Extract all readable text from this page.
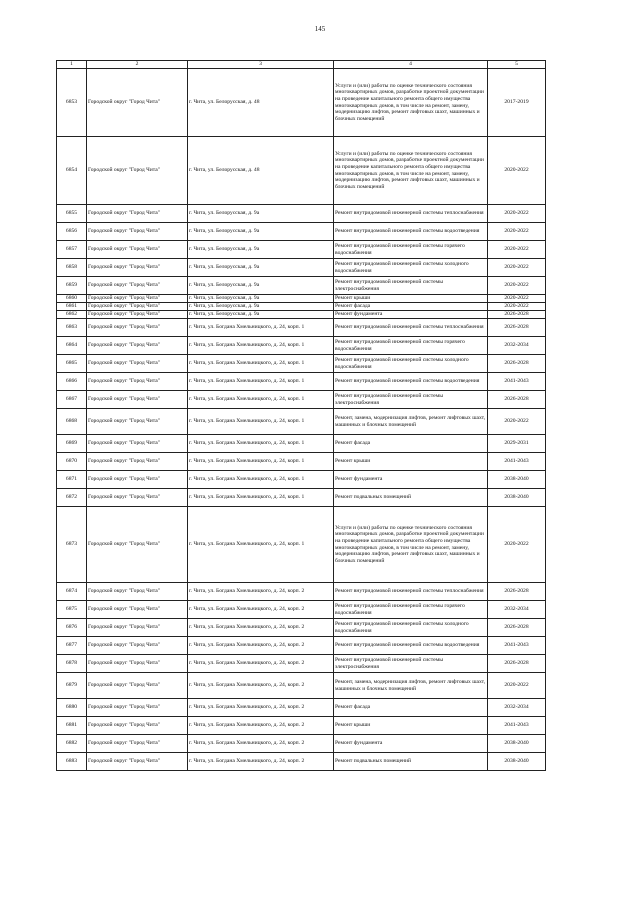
145
1	2	3	4	5
6853	Городской округ "Город Чита"	г. Чита, ул. Белорусская, д. 48	Услуги и (или) работы по оценке технического состояния многоквартирных домов, разработке проектной документации на проведение капитального ремонта общего имущества многоквартирных домов, в том числе на ремонт, замену, модернизацию лифтов, ремонт лифтовых шахт, машинных и блочных помещений	2017-2019
6854	Городской округ "Город Чита"	г. Чита, ул. Белорусская, д. 48	Услуги и (или) работы по оценке технического состояния многоквартирных домов, разработке проектной документации на проведение капитального ремонта общего имущества многоквартирных домов, в том числе на ремонт, замену, модернизацию лифтов, ремонт лифтовых шахт, машинных и блочных помещений	2020-2022
6855	Городской округ "Город Чита"	г. Чита, ул. Белорусская, д. 9а	Ремонт внутридомовой инженерной системы теплоснабжения	2020-2022
6856	Городской округ "Город Чита"	г. Чита, ул. Белорусская, д. 9а	Ремонт внутридомовой инженерной системы водоотведения	2020-2022
6857	Городской округ "Город Чита"	г. Чита, ул. Белорусская, д. 9а	Ремонт внутридомовой инженерной системы горячего водоснабжения	2020-2022
6858	Городской округ "Город Чита"	г. Чита, ул. Белорусская, д. 9а	Ремонт внутридомовой инженерной системы холодного водоснабжения	2020-2022
6859	Городской округ "Город Чита"	г. Чита, ул. Белорусская, д. 9а	Ремонт внутридомовой инженерной системы электроснабжения	2020-2022
6860	Городской округ "Город Чита"	г. Чита, ул. Белорусская, д. 9а	Ремонт крыши	2020-2022
6861	Городской округ "Город Чита"	г. Чита, ул. Белорусская, д. 9а	Ремонт фасада	2020-2022
6862	Городской округ "Город Чита"	г. Чита, ул. Белорусская, д. 9а	Ремонт фундамента	2026-2028
6863	Городской округ "Город Чита"	г. Чита, ул. Богдана Хмельницкого, д. 24, корп. 1	Ремонт внутридомовой инженерной системы теплоснабжения	2026-2028
6864	Городской округ "Город Чита"	г. Чита, ул. Богдана Хмельницкого, д. 24, корп. 1	Ремонт внутридомовой инженерной системы горячего водоснабжения	2032-2034
6865	Городской округ "Город Чита"	г. Чита, ул. Богдана Хмельницкого, д. 24, корп. 1	Ремонт внутридомовой инженерной системы холодного водоснабжения	2026-2028
6866	Городской округ "Город Чита"	г. Чита, ул. Богдана Хмельницкого, д. 24, корп. 1	Ремонт внутридомовой инженерной системы водоотведения	2041-2043
6867	Городской округ "Город Чита"	г. Чита, ул. Богдана Хмельницкого, д. 24, корп. 1	Ремонт внутридомовой инженерной системы электроснабжения	2026-2028
6868	Городской округ "Город Чита"	г. Чита, ул. Богдана Хмельницкого, д. 24, корп. 1	Ремонт, замена, модернизация лифтов, ремонт лифтовых шахт, машинных и блочных помещений	2020-2022
6869	Городской округ "Город Чита"	г. Чита, ул. Богдана Хмельницкого, д. 24, корп. 1	Ремонт фасада	2029-2031
6870	Городской округ "Город Чита"	г. Чита, ул. Богдана Хмельницкого, д. 24, корп. 1	Ремонт крыши	2041-2043
6871	Городской округ "Город Чита"	г. Чита, ул. Богдана Хмельницкого, д. 24, корп. 1	Ремонт фундамента	2038-2040
6872	Городской округ "Город Чита"	г. Чита, ул. Богдана Хмельницкого, д. 24, корп. 1	Ремонт подвальных помещений	2038-2040
6873	Городской округ "Город Чита"	г. Чита, ул. Богдана Хмельницкого, д. 24, корп. 1	Услуги и (или) работы по оценке технического состояния многоквартирных домов, разработке проектной документации на проведение капитального ремонта общего имущества многоквартирных домов, в том числе на ремонт, замену, модернизацию лифтов, ремонт лифтовых шахт, машинных и блочных помещений	2020-2022
6874	Городской округ "Город Чита"	г. Чита, ул. Богдана Хмельницкого, д. 24, корп. 2	Ремонт внутридомовой инженерной системы теплоснабжения	2026-2028
6875	Городской округ "Город Чита"	г. Чита, ул. Богдана Хмельницкого, д. 24, корп. 2	Ремонт внутридомовой инженерной системы горячего водоснабжения	2032-2034
6876	Городской округ "Город Чита"	г. Чита, ул. Богдана Хмельницкого, д. 24, корп. 2	Ремонт внутридомовой инженерной системы холодного водоснабжения	2026-2028
6877	Городской округ "Город Чита"	г. Чита, ул. Богдана Хмельницкого, д. 24, корп. 2	Ремонт внутридомовой инженерной системы водоотведения	2041-2043
6878	Городской округ "Город Чита"	г. Чита, ул. Богдана Хмельницкого, д. 24, корп. 2	Ремонт внутридомовой инженерной системы электроснабжения	2026-2028
6879	Городской округ "Город Чита"	г. Чита, ул. Богдана Хмельницкого, д. 24, корп. 2	Ремонт, замена, модернизация лифтов, ремонт лифтовых шахт, машинных и блочных помещений	2020-2022
6880	Городской округ "Город Чита"	г. Чита, ул. Богдана Хмельницкого, д. 24, корп. 2	Ремонт фасада	2032-2034
6881	Городской округ "Город Чита"	г. Чита, ул. Богдана Хмельницкого, д. 24, корп. 2	Ремонт крыши	2041-2043
6882	Городской округ "Город Чита"	г. Чита, ул. Богдана Хмельницкого, д. 24, корп. 2	Ремонт фундамента	2038-2040
6883	Городской округ "Город Чита"	г. Чита, ул. Богдана Хмельницкого, д. 24, корп. 2	Ремонт подвальных помещений	2038-2040
